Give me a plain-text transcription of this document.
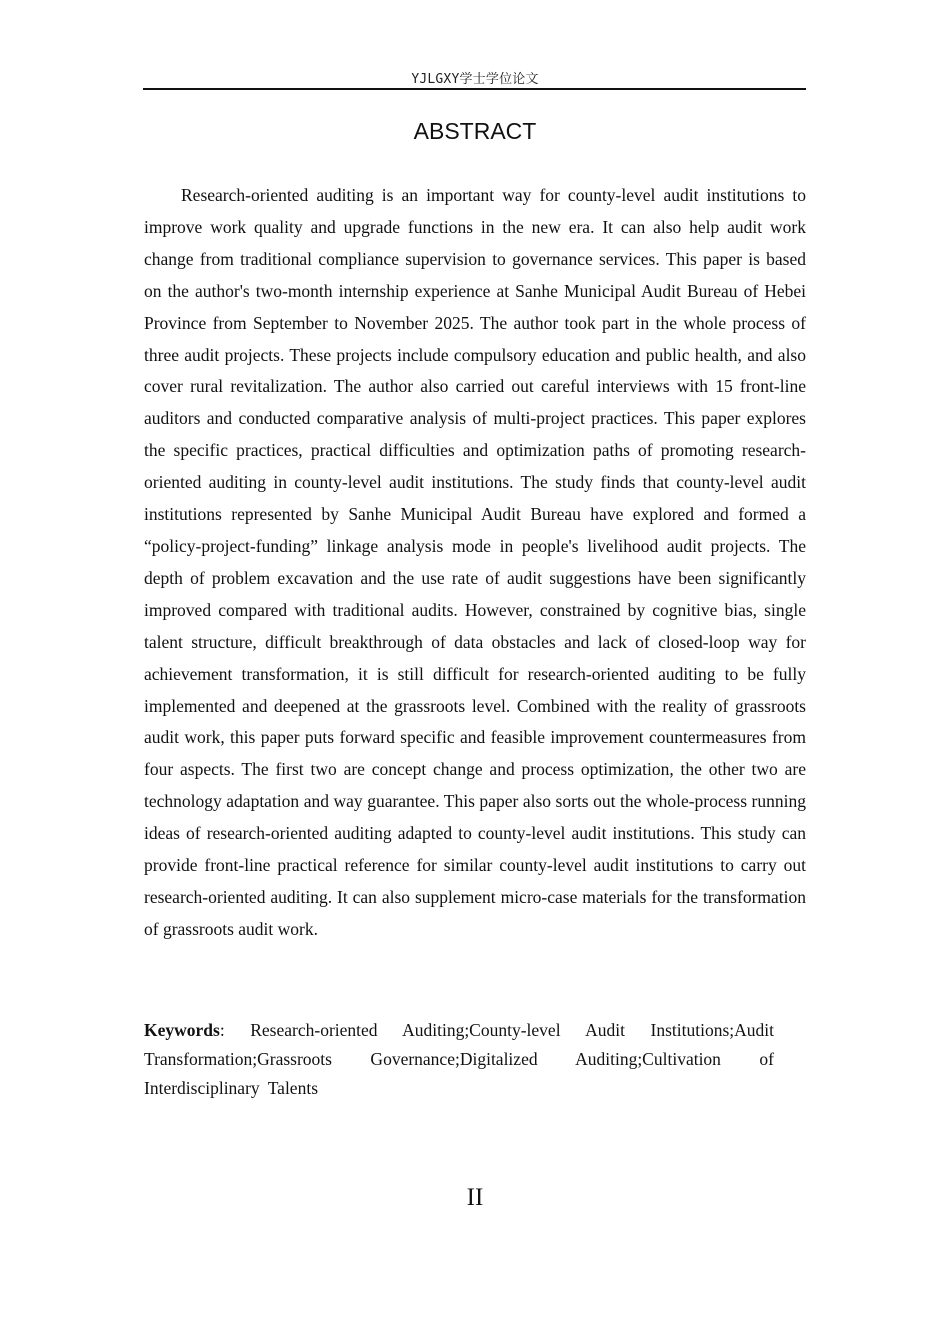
YJLGXY学士学位论文
ABSTRACT

Research-oriented auditing is an important way for county-level audit institutions to improve work quality and upgrade functions in the new era. It can also help audit work change from traditional compliance supervision to governance services. This paper is based on the author's two-month internship experience at Sanhe Municipal Audit Bureau of Hebei Province from September to November 2025. The author took part in the whole process of three audit projects. These projects include compulsory education and public health, and also cover rural revitalization. The author also carried out careful interviews with 15 front-line auditors and conducted comparative analysis of multi-project practices. This paper explores the specific practices, practical difficulties and optimization paths of promoting research-oriented auditing in county-level audit institutions. The study finds that county-level audit institutions represented by Sanhe Municipal Audit Bureau have explored and formed a “policy-project-funding” linkage analysis mode in people's livelihood audit projects. The depth of problem excavation and the use rate of audit suggestions have been significantly improved compared with traditional audits. However, constrained by cognitive bias, single talent structure, difficult breakthrough of data obstacles and lack of closed-loop way for achievement transformation, it is still difficult for research-oriented auditing to be fully implemented and deepened at the grassroots level. Combined with the reality of grassroots audit work, this paper puts forward specific and feasible improvement countermeasures from four aspects. The first two are concept change and process optimization, the other two are technology adaptation and way guarantee. This paper also sorts out the whole-process running ideas of research-oriented auditing adapted to county-level audit institutions. This study can provide front-line practical reference for similar county-level audit institutions to carry out research-oriented auditing. It can also supplement micro-case materials for the transformation of grassroots audit work.

Keywords: Research-oriented Auditing;County-level Audit Institutions;Audit Transformation;Grassroots Governance;Digitalized Auditing;Cultivation of Interdisciplinary Talents

II
